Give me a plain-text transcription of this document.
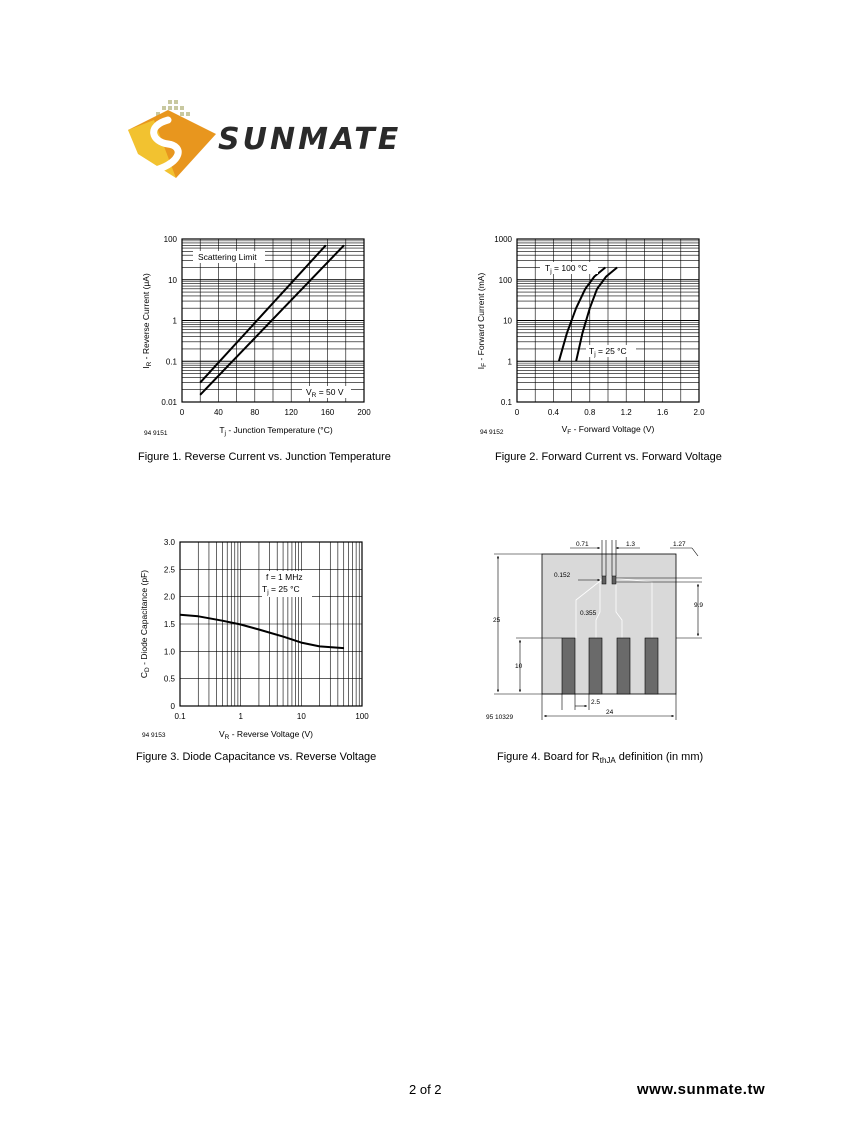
SUNMATE
0	40	80	120	160	200
0.01
0.1
1
10
100
Scattering Limit
$V_R = 50$ V
$I_R$ - Reverse Current (μA)
$T_j$ - Junction Temperature (°C)
94 9151
Figure 1. Reverse Current vs. Junction Temperature
0	0.4	0.8	1.2	1.6	2.0
0.1
1
10
100
1000
$T_j = 100$ °C
$T_j = 25$ °C
$I_F$ - Forward Current (mA)
$V_F$ - Forward Voltage (V)
94 9152
Figure 2. Forward Current vs. Forward Voltage
0.1	1	10	100
0
0.5
1.0
1.5
2.0
2.5
3.0
f = 1 MHz
$T_j = 25$ °C
$C_D$ - Diode Capacitance (pF)
$V_R$ - Reverse Voltage (V)
94 9153
Figure 3. Diode Capacitance vs. Reverse Voltage
0.71	1.3	1.27
0.152
0.355
9.9
25
10
2.5
24
95 10329
Figure 4. Board for $R_{thJA}$ definition (in mm)
2 of 2	www.sunmate.tw
